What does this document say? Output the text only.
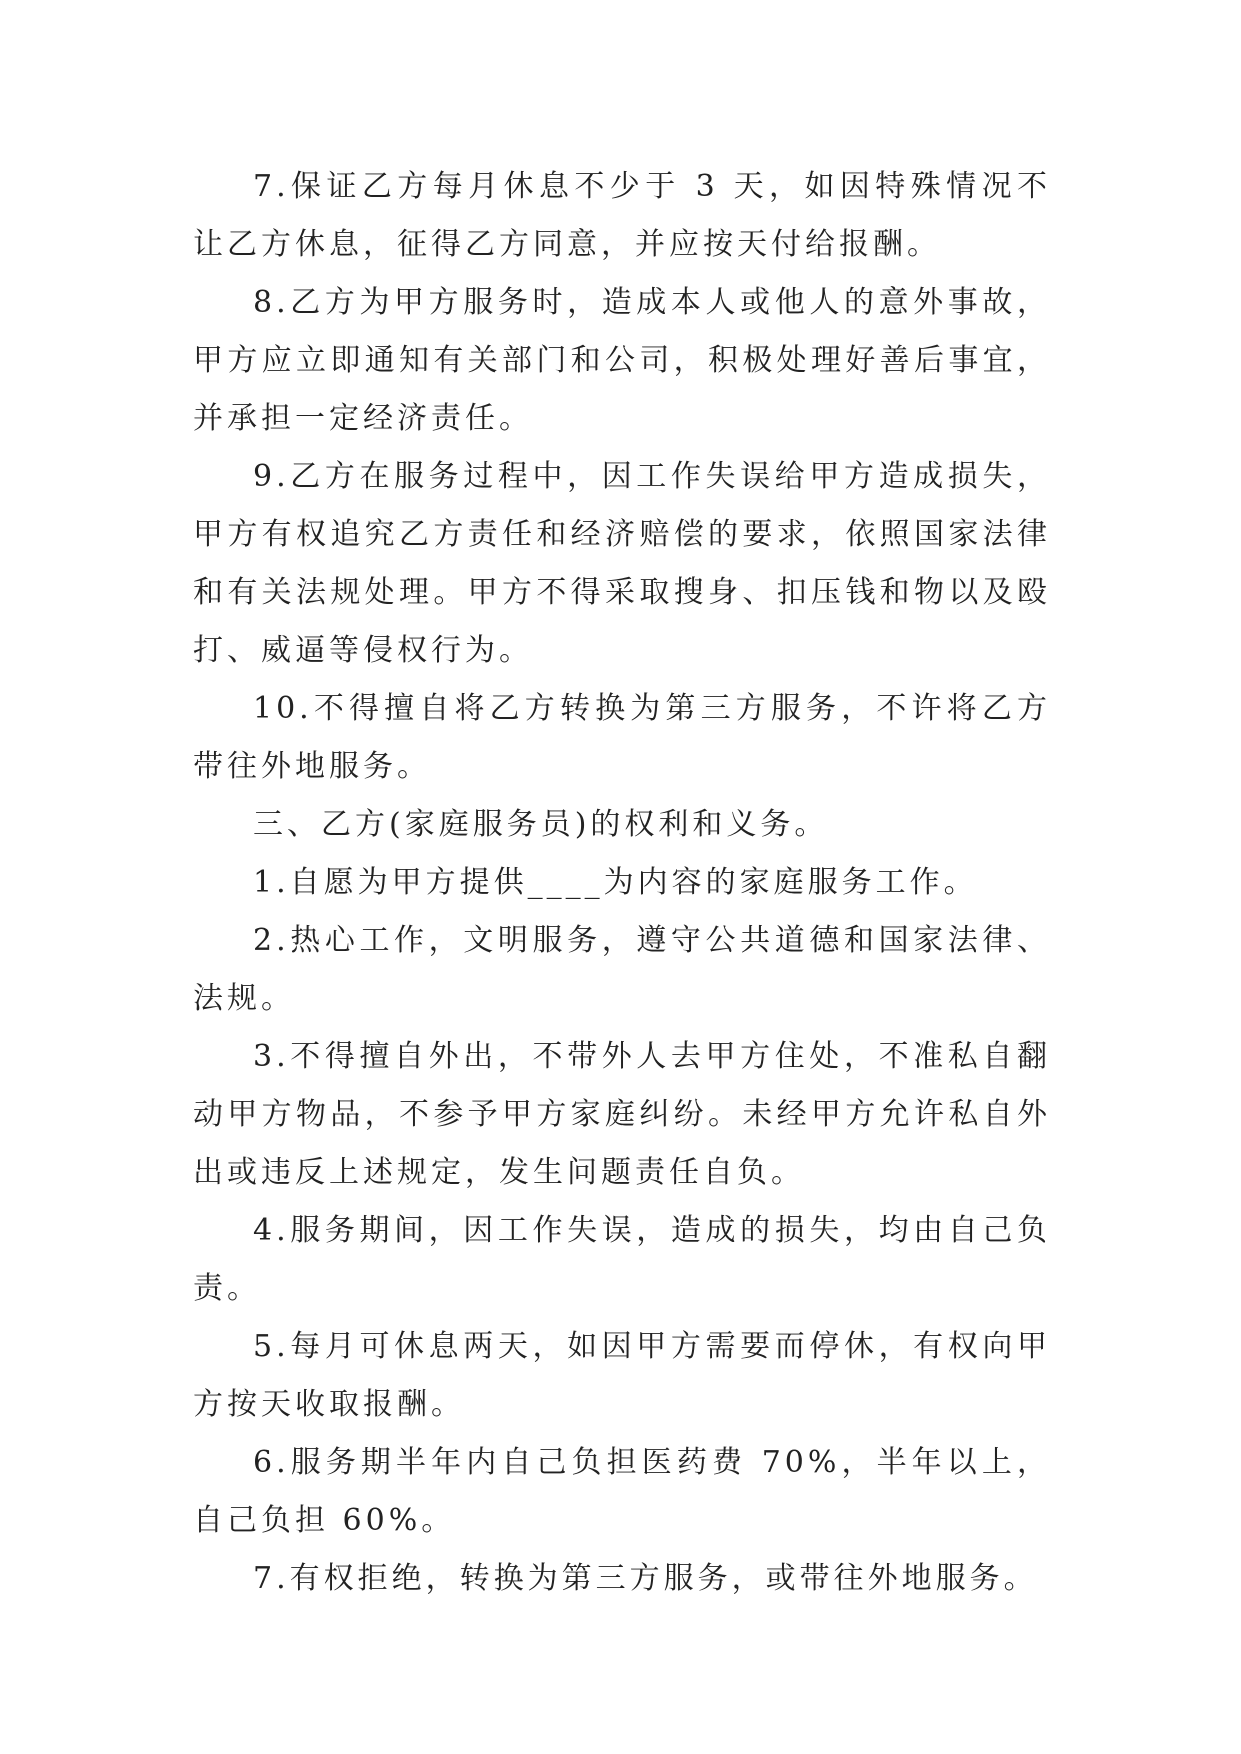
7.保证乙方每月休息不少于 3 天，如因特殊情况不让乙方休息，征得乙方同意，并应按天付给报酬。

8.乙方为甲方服务时，造成本人或他人的意外事故，甲方应立即通知有关部门和公司，积极处理好善后事宜，并承担一定经济责任。

9.乙方在服务过程中，因工作失误给甲方造成损失，甲方有权追究乙方责任和经济赔偿的要求，依照国家法律和有关法规处理。甲方不得采取搜身、扣压钱和物以及殴打、威逼等侵权行为。

10.不得擅自将乙方转换为第三方服务，不许将乙方带往外地服务。

三、乙方(家庭服务员)的权利和义务。

1.自愿为甲方提供____为内容的家庭服务工作。

2.热心工作，文明服务，遵守公共道德和国家法律、法规。

3.不得擅自外出，不带外人去甲方住处，不准私自翻动甲方物品，不参予甲方家庭纠纷。未经甲方允许私自外出或违反上述规定，发生问题责任自负。

4.服务期间，因工作失误，造成的损失，均由自己负责。

5.每月可休息两天，如因甲方需要而停休，有权向甲方按天收取报酬。

6.服务期半年内自己负担医药费 70%，半年以上，自己负担 60%。

7.有权拒绝，转换为第三方服务，或带往外地服务。
